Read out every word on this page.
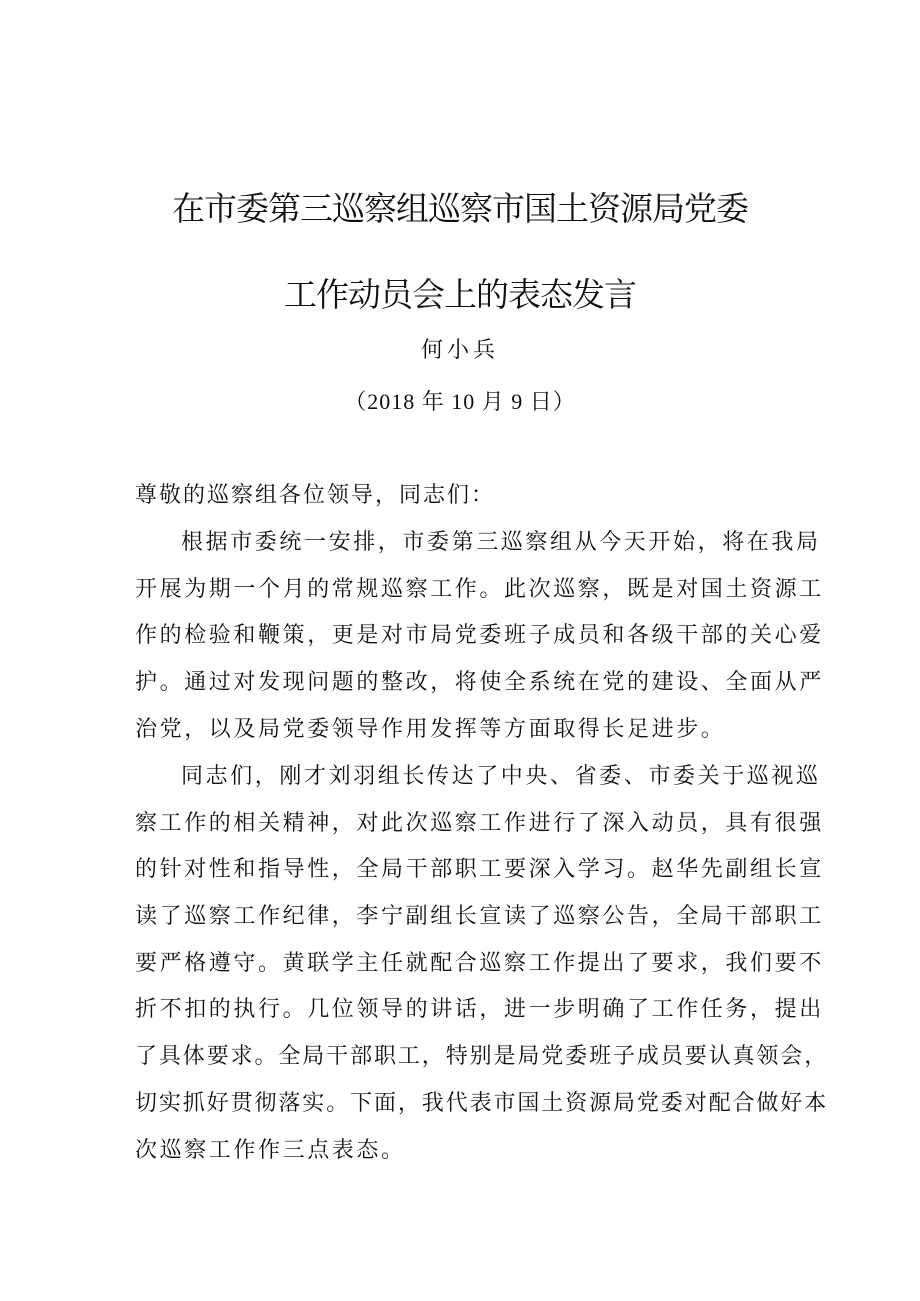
在市委第三巡察组巡察市国土资源局党委
工作动员会上的表态发言
何小兵
（2018 年 10 月 9 日）
尊敬的巡察组各位领导，同志们：
根据市委统一安排，市委第三巡察组从今天开始，将在我局
开展为期一个月的常规巡察工作。此次巡察，既是对国土资源工
作的检验和鞭策，更是对市局党委班子成员和各级干部的关心爱
护。通过对发现问题的整改，将使全系统在党的建设、全面从严
治党，以及局党委领导作用发挥等方面取得长足进步。
同志们，刚才刘羽组长传达了中央、省委、市委关于巡视巡
察工作的相关精神，对此次巡察工作进行了深入动员，具有很强
的针对性和指导性，全局干部职工要深入学习。赵华先副组长宣
读了巡察工作纪律，李宁副组长宣读了巡察公告，全局干部职工
要严格遵守。黄联学主任就配合巡察工作提出了要求，我们要不
折不扣的执行。几位领导的讲话，进一步明确了工作任务，提出
了具体要求。全局干部职工，特别是局党委班子成员要认真领会，
切实抓好贯彻落实。下面，我代表市国土资源局党委对配合做好本
次巡察工作作三点表态。
